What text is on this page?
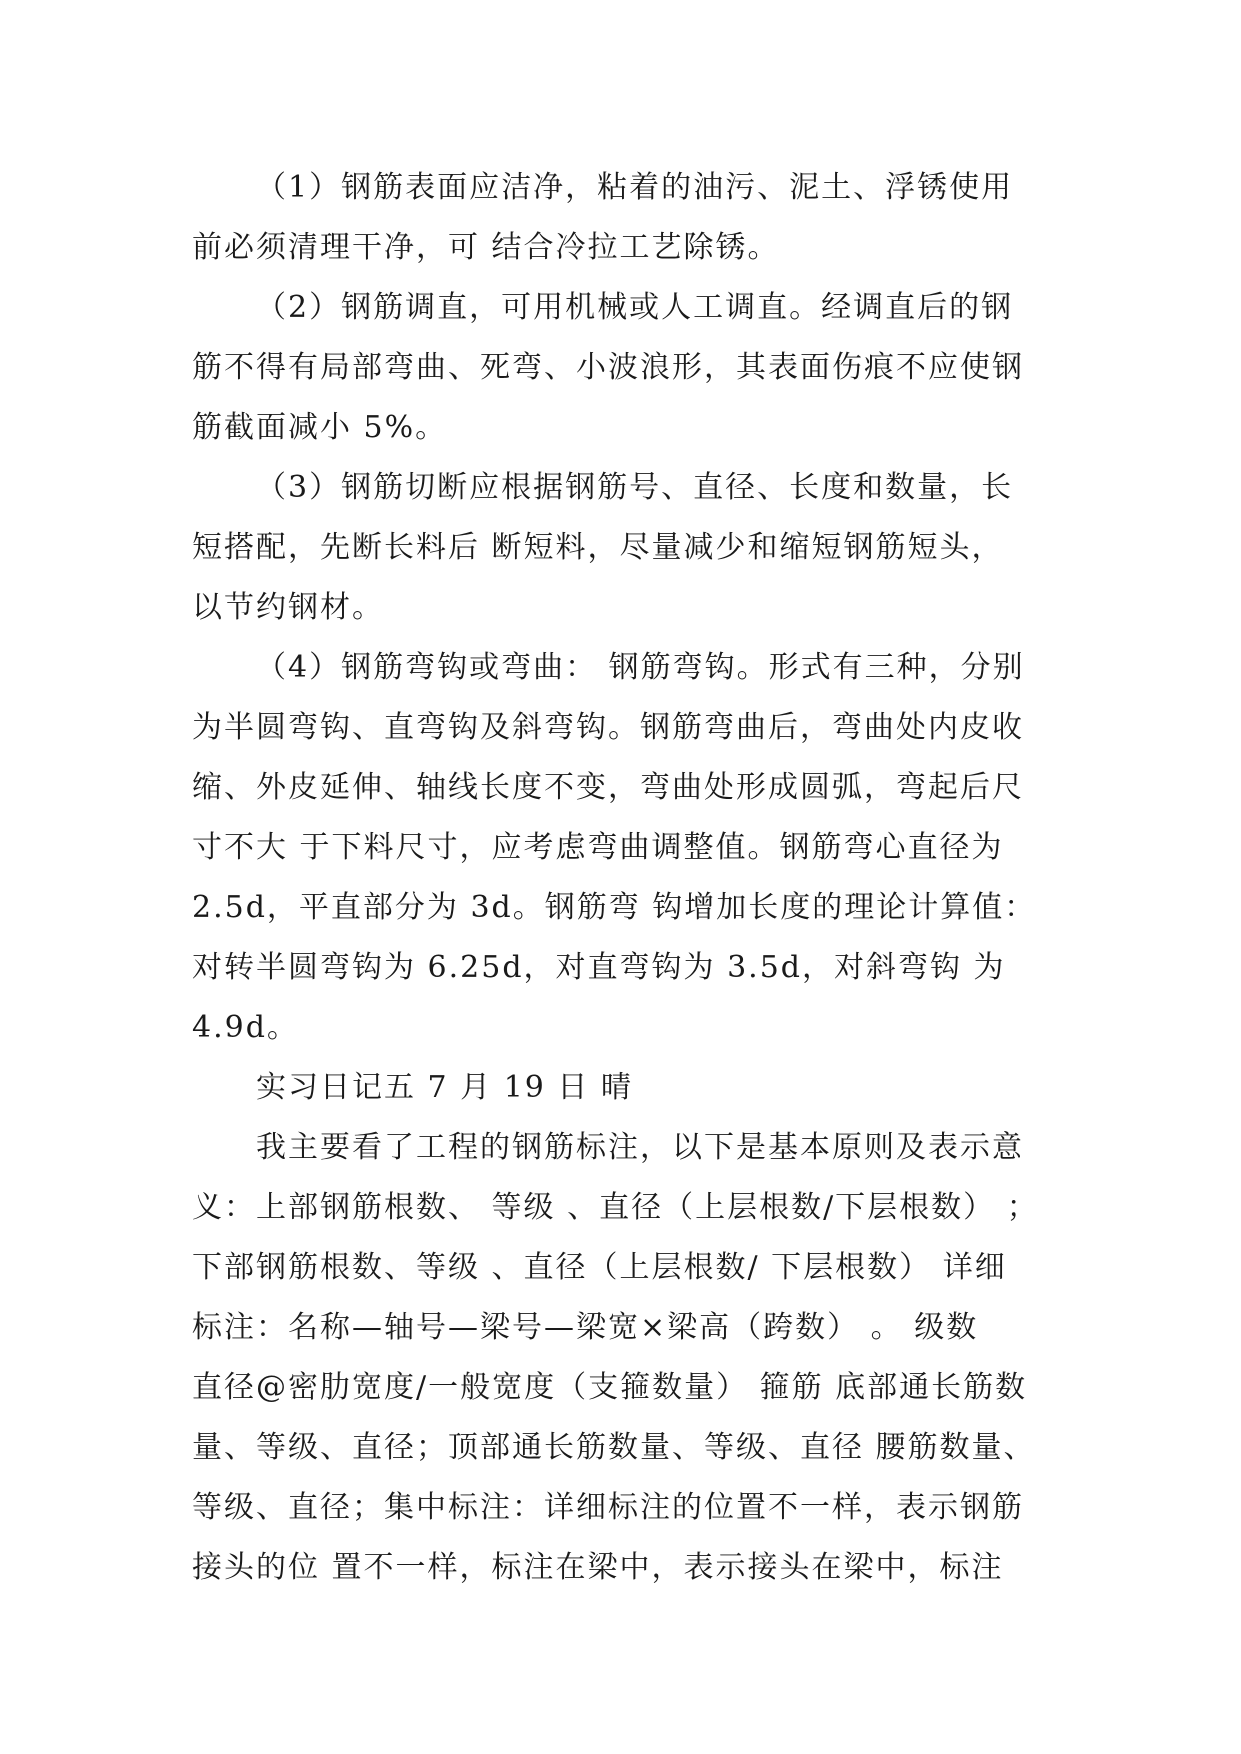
（1）钢筋表面应洁净，粘着的油污、泥土、浮锈使用
前必须清理干净，可 结合冷拉工艺除锈。
（2）钢筋调直，可用机械或人工调直。经调直后的钢
筋不得有局部弯曲、死弯、小波浪形，其表面伤痕不应使钢
筋截面减小 5%。
（3）钢筋切断应根据钢筋号、直径、长度和数量，长
短搭配，先断长料后 断短料，尽量减少和缩短钢筋短头，
以节约钢材。
（4）钢筋弯钩或弯曲： 钢筋弯钩。形式有三种，分别
为半圆弯钩、直弯钩及斜弯钩。钢筋弯曲后，弯曲处内皮收
缩、外皮延伸、轴线长度不变，弯曲处形成圆弧，弯起后尺
寸不大 于下料尺寸，应考虑弯曲调整值。钢筋弯心直径为
2.5d，平直部分为 3d。钢筋弯 钩增加长度的理论计算值：
对转半圆弯钩为 6.25d，对直弯钩为 3.5d，对斜弯钩 为
4.9d。
实习日记五 7 月 19 日 晴
我主要看了工程的钢筋标注，以下是基本原则及表示意
义：上部钢筋根数、 等级 、直径（上层根数/下层根数） ；
下部钢筋根数、等级 、直径（上层根数/ 下层根数） 详细
标注：名称—轴号—梁号—梁宽×梁高（跨数） 。 级数
直径@密肋宽度/一般宽度（支箍数量） 箍筋 底部通长筋数
量、等级、直径；顶部通长筋数量、等级、直径 腰筋数量、
等级、直径；集中标注：详细标注的位置不一样，表示钢筋
接头的位 置不一样，标注在梁中，表示接头在梁中，标注
